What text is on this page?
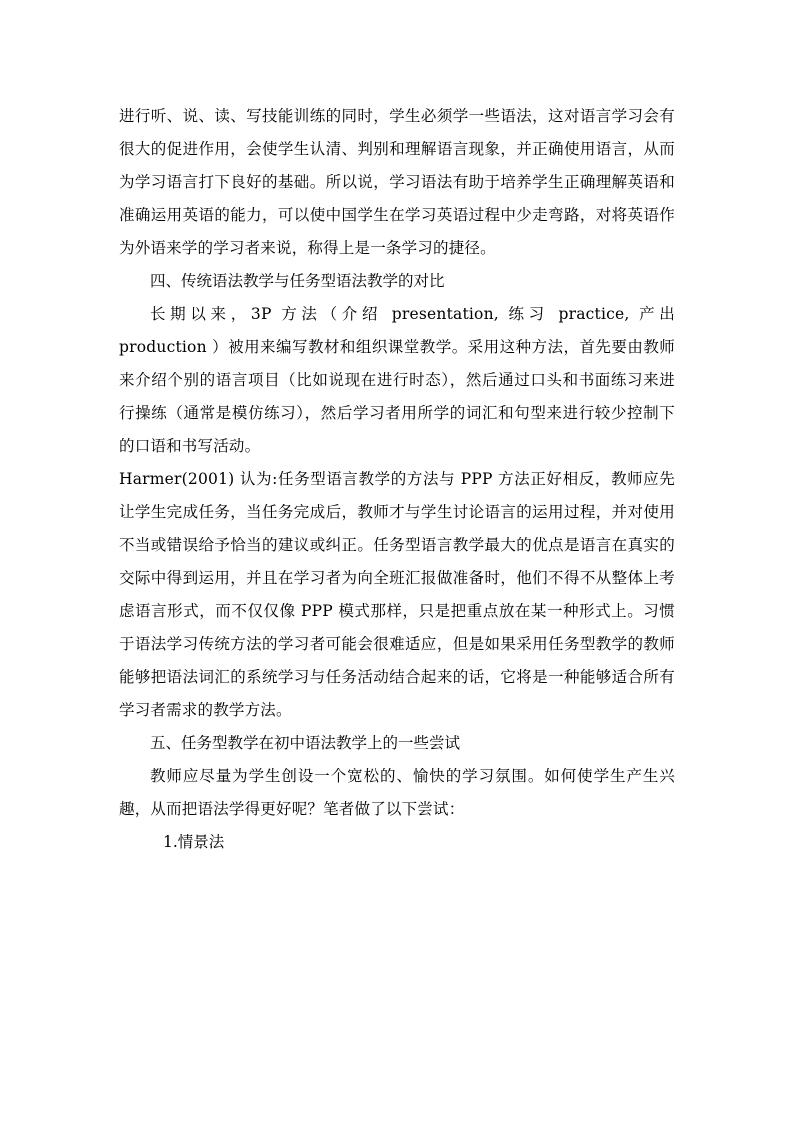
进行听、说、读、写技能训练的同时，学生必须学一些语法，这对语言学习会有很大的促进作用，会使学生认清、判别和理解语言现象，并正确使用语言，从而为学习语言打下良好的基础。所以说，学习语法有助于培养学生正确理解英语和准确运用英语的能力，可以使中国学生在学习英语过程中少走弯路，对将英语作为外语来学的学习者来说，称得上是一条学习的捷径。

四、传统语法教学与任务型语法教学的对比

长期以来，3P 方法（介绍 presentation, 练习 practice, 产出 production ）被用来编写教材和组织课堂教学。采用这种方法，首先要由教师来介绍个别的语言项目（比如说现在进行时态），然后通过口头和书面练习来进行操练（通常是模仿练习），然后学习者用所学的词汇和句型来进行较少控制下的口语和书写活动。

Harmer(2001) 认为:任务型语言教学的方法与 PPP 方法正好相反，教师应先让学生完成任务，当任务完成后，教师才与学生讨论语言的运用过程，并对使用不当或错误给予恰当的建议或纠正。任务型语言教学最大的优点是语言在真实的交际中得到运用，并且在学习者为向全班汇报做准备时，他们不得不从整体上考虑语言形式，而不仅仅像 PPP 模式那样，只是把重点放在某一种形式上。习惯于语法学习传统方法的学习者可能会很难适应，但是如果采用任务型教学的教师能够把语法词汇的系统学习与任务活动结合起来的话，它将是一种能够适合所有学习者需求的教学方法。

五、任务型教学在初中语法教学上的一些尝试

教师应尽量为学生创设一个宽松的、愉快的学习氛围。如何使学生产生兴趣，从而把语法学得更好呢？笔者做了以下尝试：

1.情景法
